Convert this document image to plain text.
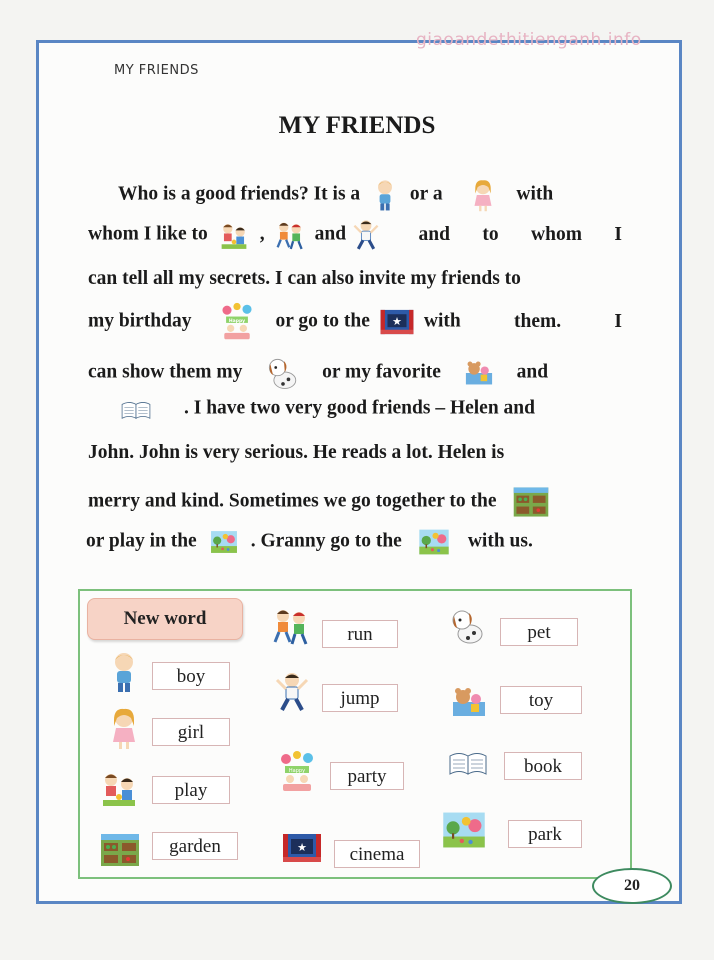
giaoandethitienganh.info
MY FRIENDS
MY FRIENDS
Who is a good friends? It is a	or a	with
whom I like to	,	and	and to whom I
can tell all my secrets. I can also invite my friends to
my birthday	or go to the	with	them.	I
can show them my	or my favorite	and
. I have two very good friends – Helen and
John. John is very serious. He reads a lot. Helen is
merry and kind. Sometimes we go together to the
or play in the	. Granny go to the	with us.
New word
boy
girl
play
garden
run
jump
party
cinema
pet
toy
book
park
20
